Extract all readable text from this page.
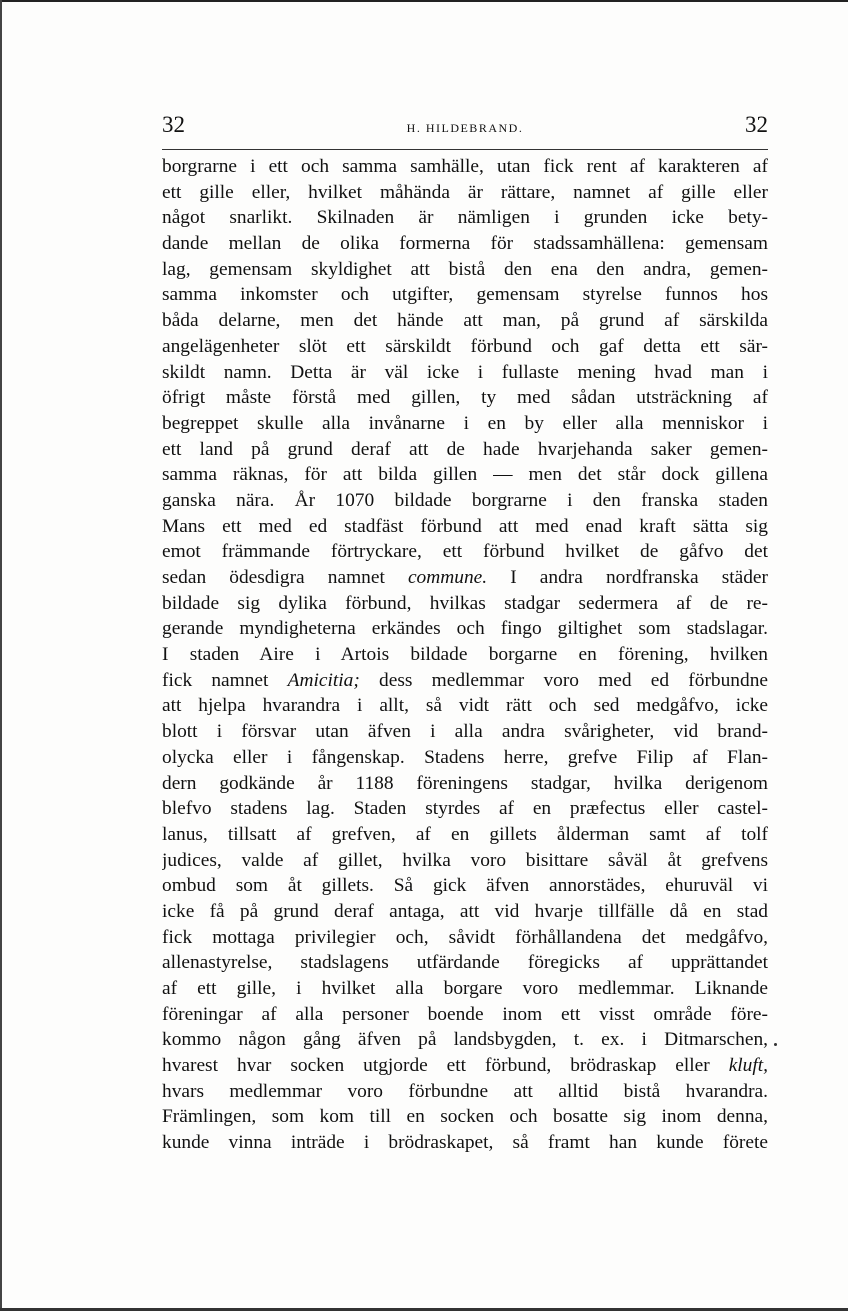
32	H. HILDEBRAND.	32
borgrarne i ett och samma samhälle, utan fick rent af karakteren af
ett gille eller, hvilket måhända är rättare, namnet af gille eller
något snarlikt. Skilnaden är nämligen i grunden icke bety-
dande mellan de olika formerna för stadssamhällena: gemensam
lag, gemensam skyldighet att bistå den ena den andra, gemen-
samma inkomster och utgifter, gemensam styrelse funnos hos
båda delarne, men det hände att man, på grund af särskilda
angelägenheter slöt ett särskildt förbund och gaf detta ett sär-
skildt namn. Detta är väl icke i fullaste mening hvad man i
öfrigt måste förstå med gillen, ty med sådan utsträckning af
begreppet skulle alla invånarne i en by eller alla menniskor i
ett land på grund deraf att de hade hvarjehanda saker gemen-
samma räknas, för att bilda gillen — men det står dock gillena
ganska nära. År 1070 bildade borgrarne i den franska staden
Mans ett med ed stadfäst förbund att med enad kraft sätta sig
emot främmande förtryckare, ett förbund hvilket de gåfvo det
sedan ödesdigra namnet commune. I andra nordfranska städer
bildade sig dylika förbund, hvilkas stadgar sedermera af de re-
gerande myndigheterna erkändes och fingo giltighet som stadslagar.
I staden Aire i Artois bildade borgarne en förening, hvilken
fick namnet Amicitia; dess medlemmar voro med ed förbundne
att hjelpa hvarandra i allt, så vidt rätt och sed medgåfvo, icke
blott i försvar utan äfven i alla andra svårigheter, vid brand-
olycka eller i fångenskap. Stadens herre, grefve Filip af Flan-
dern godkände år 1188 föreningens stadgar, hvilka derigenom
blefvo stadens lag. Staden styrdes af en præfectus eller castel-
lanus, tillsatt af grefven, af en gillets ålderman samt af tolf
judices, valde af gillet, hvilka voro bisittare såväl åt grefvens
ombud som åt gillets. Så gick äfven annorstädes, ehuruväl vi
icke få på grund deraf antaga, att vid hvarje tillfälle då en stad
fick mottaga privilegier och, såvidt förhållandena det medgåfvo,
allenastyrelse, stadslagens utfärdande föregicks af upprättandet
af ett gille, i hvilket alla borgare voro medlemmar. Liknande
föreningar af alla personer boende inom ett visst område före-
kommo någon gång äfven på landsbygden, t. ex. i Ditmarschen,
hvarest hvar socken utgjorde ett förbund, brödraskap eller kluft,
hvars medlemmar voro förbundne att alltid bistå hvarandra.
Främlingen, som kom till en socken och bosatte sig inom denna,
kunde vinna inträde i brödraskapet, så framt han kunde förete
